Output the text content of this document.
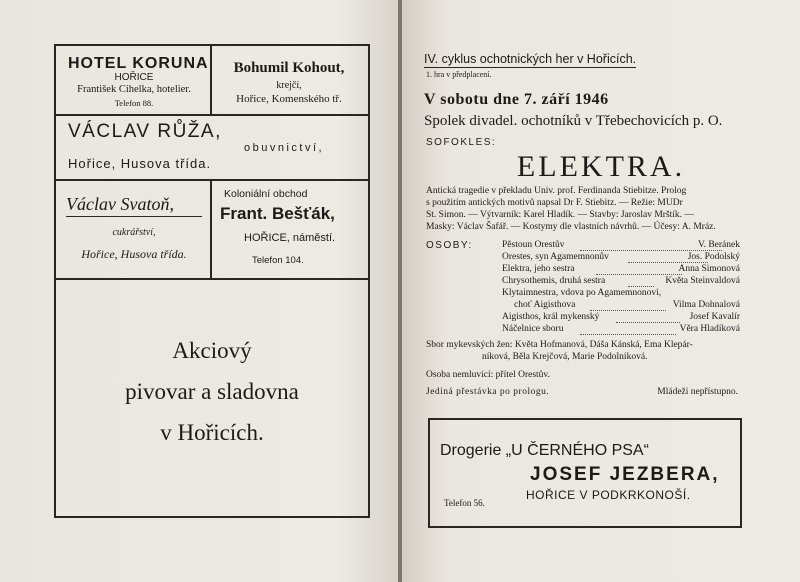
HOTEL KORUNA
HOŘICE
František Cihelka, hotelier.
Telefon 88.
Bohumil Kohout,
krejčí,
Hořice, Komenského tř.
VÁCLAV RŮŽA,
obuvnictví,
Hořice, Husova třída.
Václav Svatoň,
cukrářství,
Hořice, Husova třída.
Koloniální obchod
Frant. Bešťák,
HOŘICE, náměstí.
Telefon 104.
Akciový
pivovar a sladovna
v Hořicích.
IV. cyklus ochotnických her v Hořicích.
1. hra v předplacení.
V sobotu dne 7. září 1946
Spolek divadel. ochotníků v Třebechovicích p. O.
SOFOKLES:
ELEKTRA.
Antická tragedie v překladu Univ. prof. Ferdinanda Stiebitze. Prolog
s použitím antických motivů napsal Dr F. Stiebitz. — Režie: MUDr
St. Simon. — Výtvarník: Karel Hladík. — Stavby: Jaroslav Mrštík. —
Masky: Václav Šafář. — Kostymy dle vlastních návrhů. — Účesy: A. Mráz.
OSOBY:	Pěstoun Orestův	V. Beránek
Orestes, syn Agamemnonův	Jos. Podolský
Elektra, jeho sestra	Anna Simonová
Chrysothemis, druhá sestra	Květa Steinvaldová
Klytaimnestra, vdova po Agamemnonovi,
choť Aigisthova	Vilma Dohnalová
Aigisthos, král mykenský	Josef Kavalír
Náčelnice sboru	Věra Hladíková
Sbor mykevských žen: Květa Hofmanová, Dáša Kánská, Ema Klepár-
níková, Běla Krejčová, Marie Podolníková.
Osoba nemluvící: přítel Orestův.
Jediná přestávka po prologu.	Mládeži nepřístupno.
Drogerie „U ČERNÉHO PSA“
JOSEF JEZBERA,
HOŘICE V PODKRKONOŠÍ.
Telefon 56.
